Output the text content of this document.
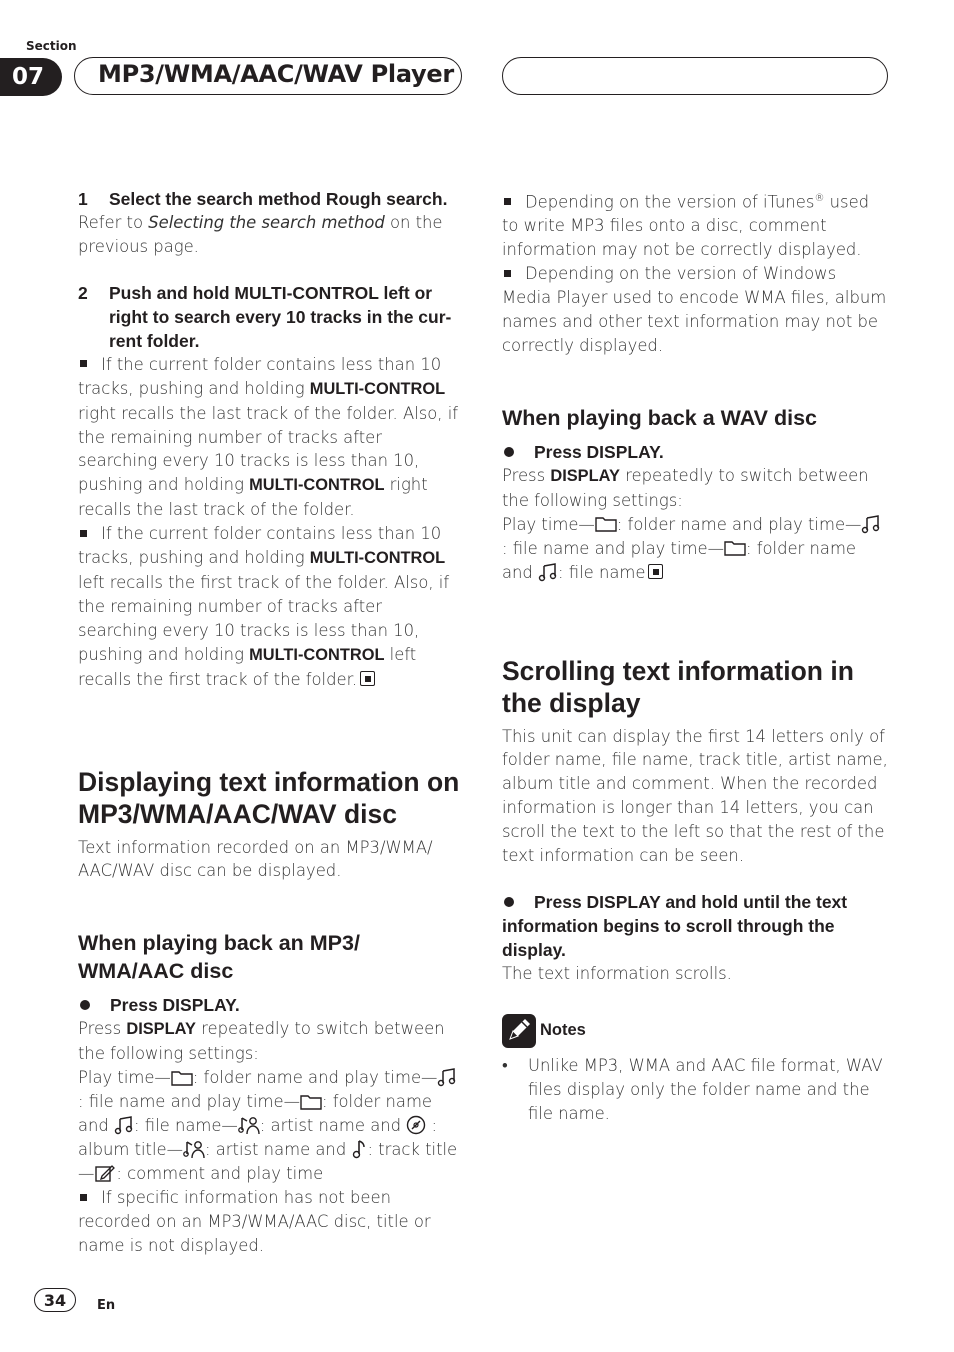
Section
07	MP3/WMA/AAC/WAV Player
1 Select the search method Rough search.

Refer to Selecting the search method on the previous page.

2 Push and hold MULTI-CONTROL left or right to search every 10 tracks in the cur-rent folder.

If the current folder contains less than 10 tracks, pushing and holding MULTI-CONTROL right recalls the last track of the folder. Also, if the remaining number of tracks after searching every 10 tracks is less than 10, pushing and holding MULTI-CONTROL right recalls the last track of the folder.

If the current folder contains less than 10 tracks, pushing and holding MULTI-CONTROL left recalls the first track of the folder. Also, if the remaining number of tracks after searching every 10 tracks is less than 10, pushing and holding MULTI-CONTROL left recalls the first track of the folder.

Displaying text information on MP3/WMA/AAC/WAV disc

Text information recorded on an MP3/WMA/ AAC/WAV disc can be displayed.

When playing back an MP3/ WMA/AAC disc
Press DISPLAY.

Press DISPLAY repeatedly to switch between the following settings:

Play time— : folder name and play time— : file name and play time— : folder name and : file name— : artist name and  : album title— : artist name and : track title — : comment and play time

If specific information has not been recorded on an MP3/WMA/AAC disc, title or name is not displayed.

Depending on the version of iTunes® used to write MP3 files onto a disc, comment information may not be correctly displayed.

Depending on the version of Windows Media Player used to encode WMA files, album names and other text information may not be correctly displayed.

When playing back a WAV disc
Press DISPLAY.

Press DISPLAY repeatedly to switch between the following settings:

Play time— : folder name and play time— : file name and play time— : folder name and : file name

Scrolling text information in the display

This unit can display the first 14 letters only of folder name, file name, track title, artist name, album title and comment. When the recorded information is longer than 14 letters, you can scroll the text to the left so that the rest of the text information can be seen.

Press DISPLAY and hold until the text information begins to scroll through the display.

The text information scrolls.

Notes

• Unlike MP3, WMA and AAC file format, WAV files display only the folder name and the file name.

34	En
